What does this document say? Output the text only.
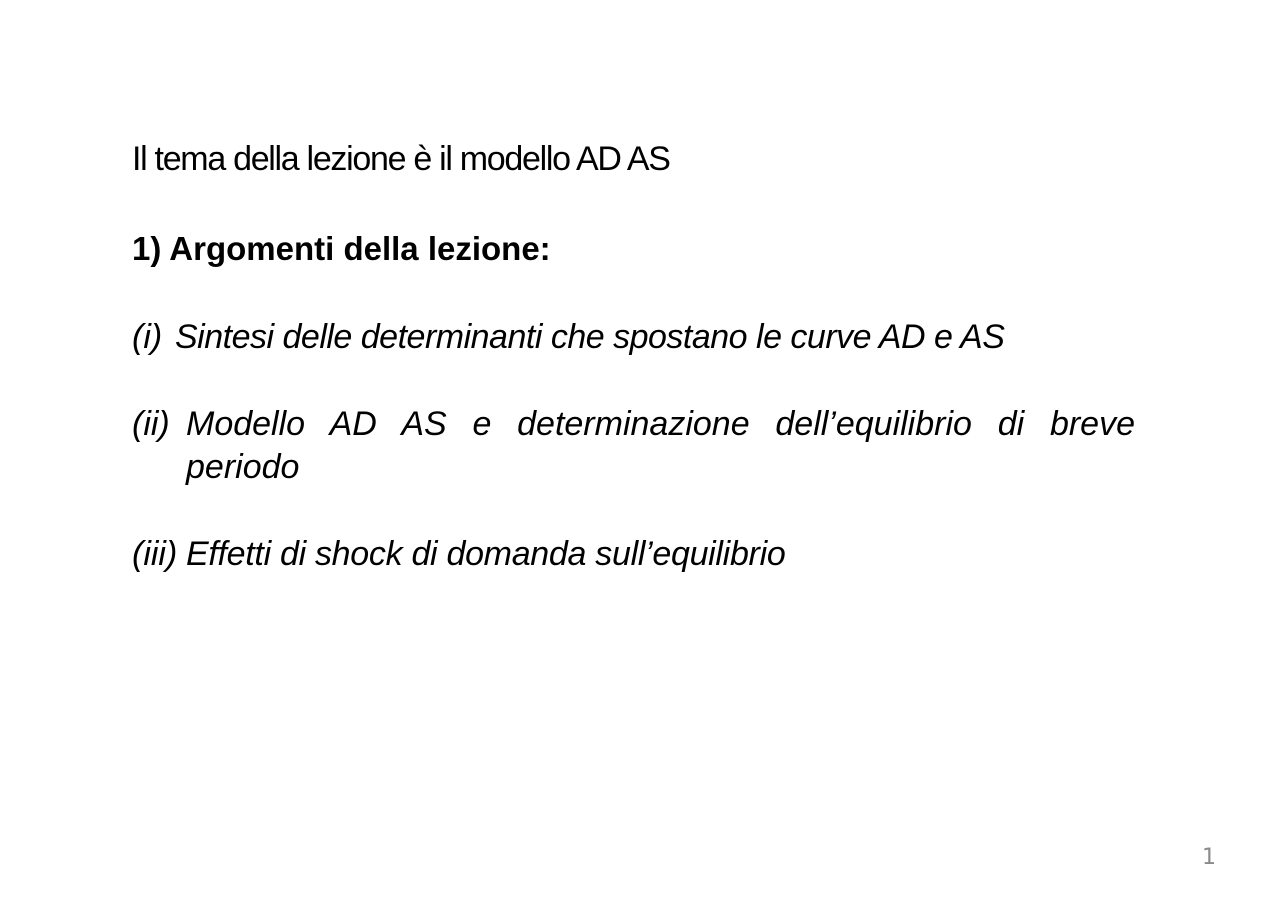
Il tema della lezione è il modello AD AS
1) Argomenti della lezione:
(i) Sintesi delle determinanti che spostano le curve AD e AS
(ii) Modello AD AS e determinazione dell’equilibrio di breve periodo
(iii) Effetti di shock di domanda sull’equilibrio
1
